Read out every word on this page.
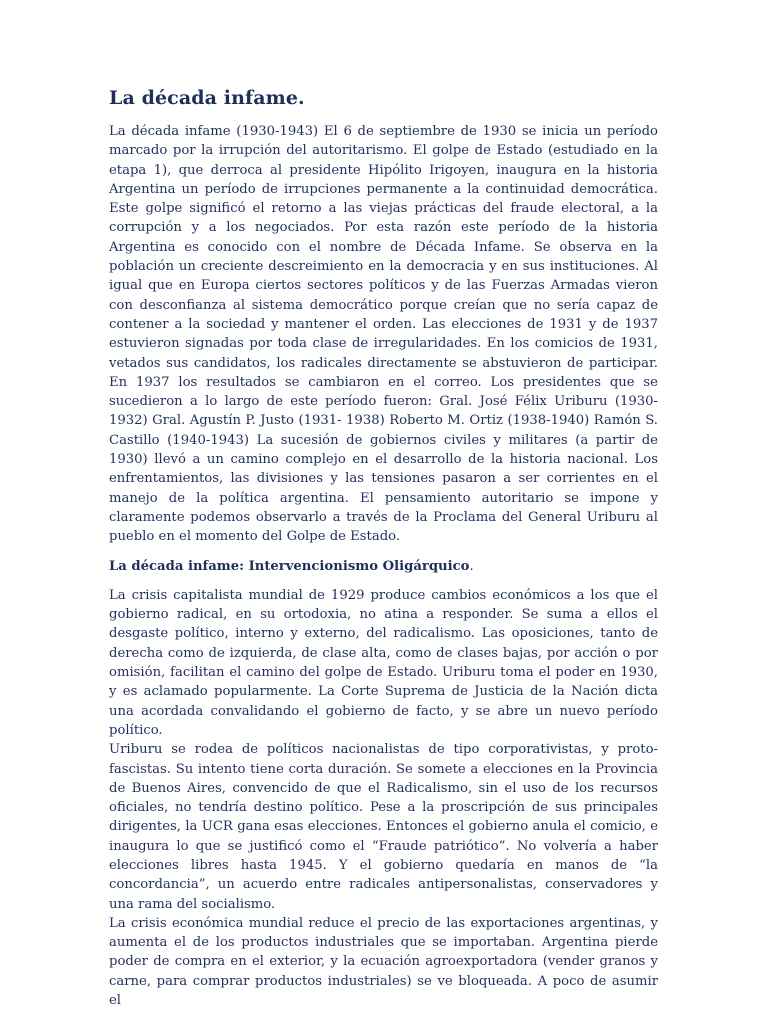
La década infame.

La década infame (1930-1943) El 6 de septiembre de 1930 se inicia un período marcado por la irrupción del autoritarismo. El golpe de Estado (estudiado en la etapa 1), que derroca al presidente Hipólito Irigoyen, inaugura en la historia Argentina un período de irrupciones permanente a la continuidad democrática. Este golpe significó el retorno a las viejas prácticas del fraude electoral, a la corrupción y a los negociados. Por esta razón este período de la historia Argentina es conocido con el nombre de Década Infame. Se observa en la población un creciente descreimiento en la democracia y en sus instituciones. Al igual que en Europa ciertos sectores políticos y de las Fuerzas Armadas vieron con desconfianza al sistema democrático porque creían que no sería capaz de contener a la sociedad y mantener el orden. Las elecciones de 1931 y de 1937 estuvieron signadas por toda clase de irregularidades. En los comicios de 1931, vetados sus candidatos, los radicales directamente se abstuvieron de participar. En 1937 los resultados se cambiaron en el correo. Los presidentes que se sucedieron a lo largo de este período fueron: Gral. José Félix Uriburu (1930-1932) Gral. Agustín P. Justo (1931- 1938) Roberto M. Ortiz (1938-1940) Ramón S. Castillo (1940-1943) La sucesión de gobiernos civiles y militares (a partir de 1930) llevó a un camino complejo en el desarrollo de la historia nacional. Los enfrentamientos, las divisiones y las tensiones pasaron a ser corrientes en el manejo de la política argentina. El pensamiento autoritario se impone y claramente podemos observarlo a través de la Proclama del General Uriburu al pueblo en el momento del Golpe de Estado.

La década infame: Intervencionismo Oligárquico.

La crisis capitalista mundial de 1929 produce cambios económicos a los que el gobierno radical, en su ortodoxia, no atina a responder. Se suma a ellos el desgaste político, interno y externo, del radicalismo. Las oposiciones, tanto de derecha como de izquierda, de clase alta, como de clases bajas, por acción o por omisión, facilitan el camino del golpe de Estado. Uriburu toma el poder en 1930, y es aclamado popularmente. La Corte Suprema de Justicia de la Nación dicta una acordada convalidando el gobierno de facto, y se abre un nuevo período político.

Uriburu se rodea de políticos nacionalistas de tipo corporativistas, y proto-fascistas. Su intento tiene corta duración. Se somete a elecciones en la Provincia de Buenos Aires, convencido de que el Radicalismo, sin el uso de los recursos oficiales, no tendría destino político. Pese a la proscripción de sus principales dirigentes, la UCR gana esas elecciones. Entonces el gobierno anula el comicio, e inaugura lo que se justificó como el “Fraude patriótico”. No volvería a haber elecciones libres hasta 1945. Y el gobierno quedaría en manos de “la concordancia”, un acuerdo entre radicales antipersonalistas, conservadores y una rama del socialismo.

La crisis económica mundial reduce el precio de las exportaciones argentinas, y aumenta el de los productos industriales que se importaban. Argentina pierde poder de compra en el exterior, y la ecuación agroexportadora (vender granos y carne, para comprar productos industriales) se ve bloqueada. A poco de asumir el
